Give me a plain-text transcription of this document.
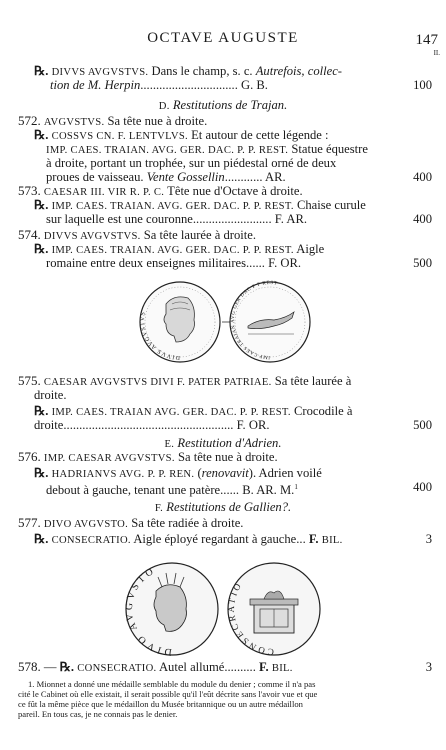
OCTAVE AUGUSTE	147
II.
℞. DIVVS AVGVSTVS. Dans le champ, s. c. Autrefois, collec-
tion de M. Herpin............................... G. B.	100
D. Restitutions de Trajan.
572. AVGVSTVS. Sa tête nue à droite.
℞. COSSVS CN. F. LENTVLVS. Et autour de cette légende :
IMP. CAES. TRAIAN. AVG. GER. DAC. P. P. REST. Statue équestre
à droite, portant un trophée, sur un piédestal orné de deux
proues de vaisseau. Vente Gossellin............ AR.	400
573. CAESAR III. VIR R. P. C. Tête nue d'Octave à droite.
℞. IMP. CAES. TRAIAN. AVG. GER. DAC. P. P. REST. Chaise curule
sur laquelle est une couronne......................... F. AR.	400
574. DIVVS AVGVSTVS. Sa tête laurée à droite.
℞. IMP. CAES. TRAIAN. AVG. GER. DAC. P. P. REST. Aigle
romaine entre deux enseignes militaires...... F. OR.	500
DIVVS AVGVSTVS
IMP CAES TRAIAN AVG GER DAC P P REST
575. CAESAR AVGVSTVS DIVI F. PATER PATRIAE. Sa tête laurée à
droite.
℞. IMP. CAES. TRAIAN AVG. GER. DAC. P. P. REST. Crocodile à
droite...................................................... F. OR.	500
E. Restitution d'Adrien.
576. IMP. CAESAR AVGVSTVS. Sa tête nue à droite.
℞. HADRIANVS AVG. P. P. REN. (renovavit). Adrien voilé
debout à gauche, tenant une patère...... B. AR. M.$^1$	400
F. Restitutions de Gallien?.
577. DIVO AVGVSTO. Sa tête radiée à droite.
℞. CONSECRATIO. Aigle éployé regardant à gauche... F. BIL.	3
DIVO AVGVSTO
CONSECRATIO
578. — ℞. CONSECRATIO. Autel allumé.......... F. BIL.	3
1. Mionnet a donné une médaille semblable du module du denier ; comme il n'a pas
cité le Cabinet où elle existait, il serait possible qu'il l'eût décrite sans l'avoir vue et que
ce fût la même pièce que le médaillon du Musée britannique ou un autre médaillon
pareil. En tous cas, je ne connais pas le denier.
